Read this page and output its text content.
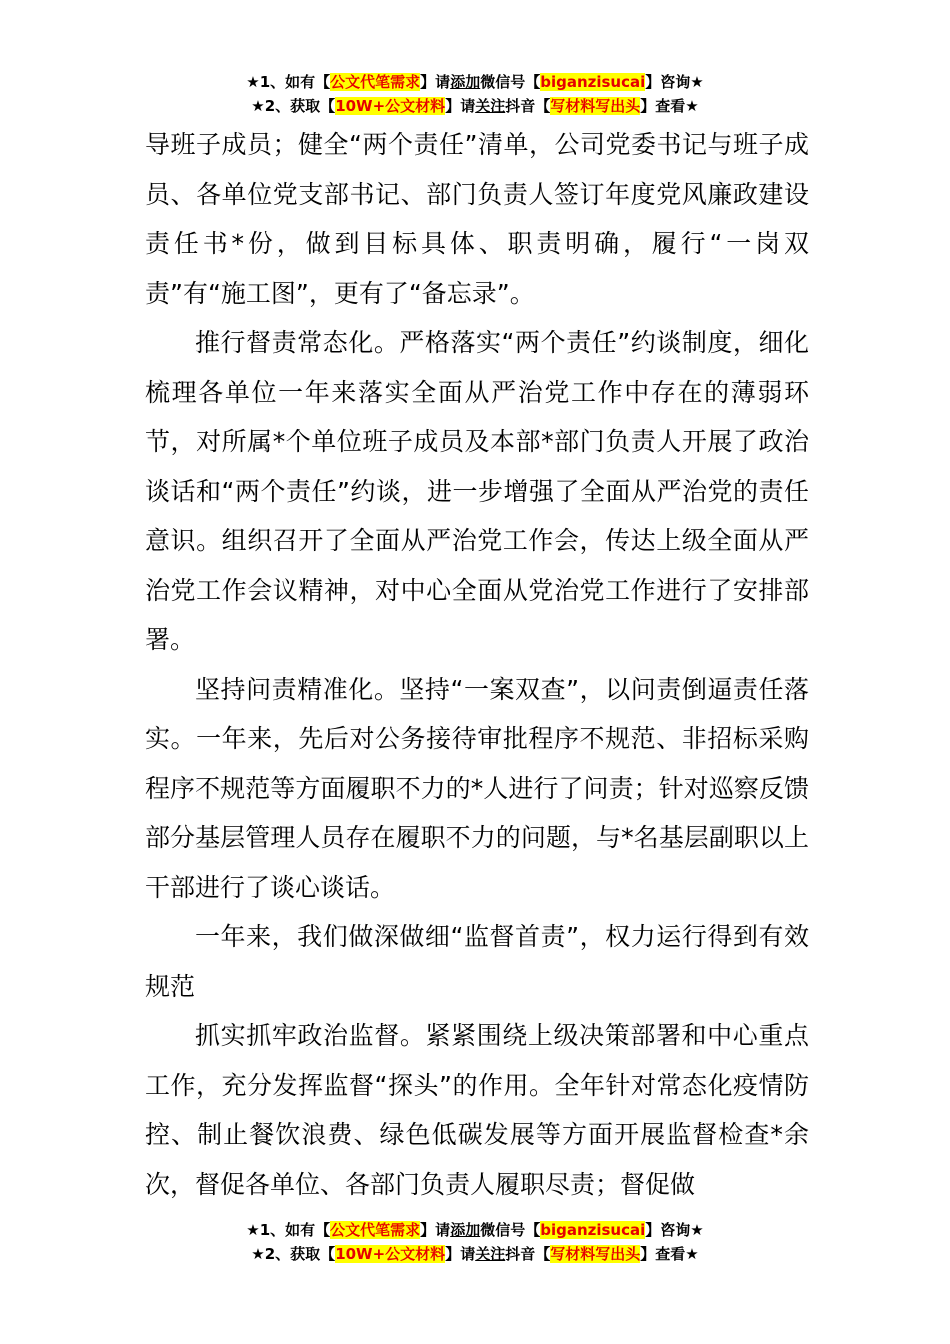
★1、如有【公文代笔需求】请添加微信号【biganzisucai】咨询★
★2、获取【10W+公文材料】请关注抖音【写材料写出头】查看★

导班子成员；健全“两个责任”清单，公司党委书记与班子成员、各单位党支部书记、部门负责人签订年度党风廉政建设责任书*份，做到目标具体、职责明确，履行“一岗双责”有“施工图”，更有了“备忘录”。

推行督责常态化。严格落实“两个责任”约谈制度，细化梳理各单位一年来落实全面从严治党工作中存在的薄弱环节，对所属*个单位班子成员及本部*部门负责人开展了政治谈话和“两个责任”约谈，进一步增强了全面从严治党的责任意识。组织召开了全面从严治党工作会，传达上级全面从严治党工作会议精神，对中心全面从党治党工作进行了安排部署。

坚持问责精准化。坚持“一案双查”，以问责倒逼责任落实。一年来，先后对公务接待审批程序不规范、非招标采购程序不规范等方面履职不力的*人进行了问责；针对巡察反馈部分基层管理人员存在履职不力的问题，与*名基层副职以上干部进行了谈心谈话。

一年来，我们做深做细“监督首责”，权力运行得到有效规范

抓实抓牢政治监督。紧紧围绕上级决策部署和中心重点工作，充分发挥监督“探头”的作用。全年针对常态化疫情防控、制止餐饮浪费、绿色低碳发展等方面开展监督检查*余次，督促各单位、各部门负责人履职尽责；督促做

★1、如有【公文代笔需求】请添加微信号【biganzisucai】咨询★
★2、获取【10W+公文材料】请关注抖音【写材料写出头】查看★
